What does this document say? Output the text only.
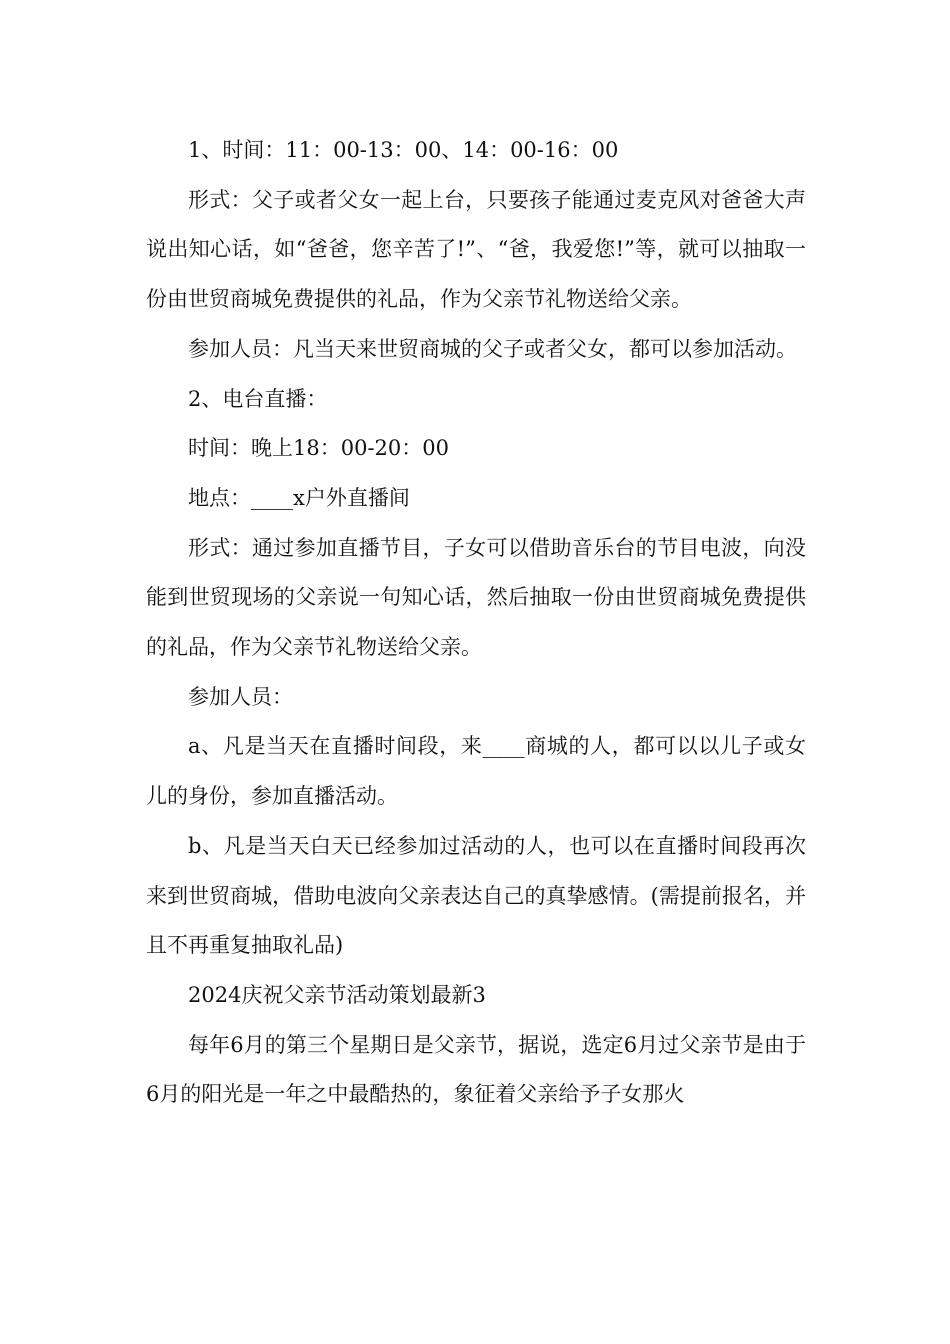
1、时间：11：00-13：00、14：00-16：00

形式：父子或者父女一起上台，只要孩子能通过麦克风对爸爸大声说出知心话，如“爸爸，您辛苦了!”、“爸，我爱您!”等，就可以抽取一份由世贸商城免费提供的礼品，作为父亲节礼物送给父亲。

参加人员：凡当天来世贸商城的父子或者父女，都可以参加活动。

2、电台直播：

时间：晚上18：00-20：00

地点：____x户外直播间

形式：通过参加直播节目，子女可以借助音乐台的节目电波，向没能到世贸现场的父亲说一句知心话，然后抽取一份由世贸商城免费提供的礼品，作为父亲节礼物送给父亲。

参加人员：

a、凡是当天在直播时间段，来____商城的人，都可以以儿子或女儿的身份，参加直播活动。

b、凡是当天白天已经参加过活动的人，也可以在直播时间段再次来到世贸商城，借助电波向父亲表达自己的真挚感情。(需提前报名，并且不再重复抽取礼品)

2024庆祝父亲节活动策划最新3

每年6月的第三个星期日是父亲节，据说，选定6月过父亲节是由于6月的阳光是一年之中最酷热的，象征着父亲给予子女那火
